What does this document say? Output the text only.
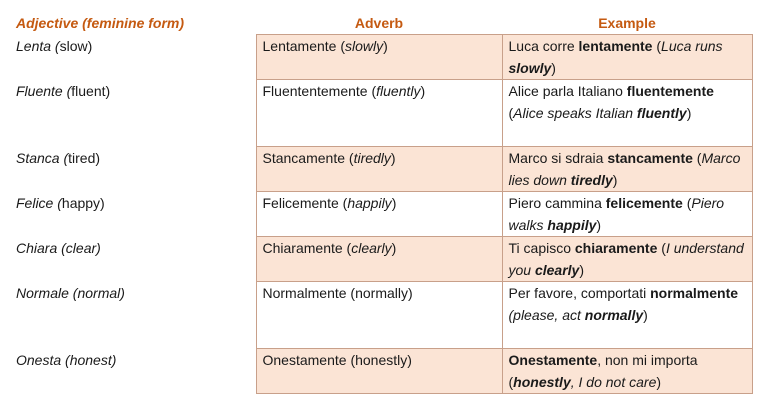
Adjective (feminine form)	Adverb	Example
Lenta (slow)	Lentamente (slowly)	Luca corre lentamente (Luca runs slowly)
Fluente (fluent)	Fluententemente (fluently)	Alice parla Italiano fluentemente (Alice speaks Italian fluently)
Stanca (tired)	Stancamente (tiredly)	Marco si sdraia stancamente (Marco lies down tiredly)
Felice (happy)	Felicemente (happily)	Piero cammina felicemente (Piero walks happily)
Chiara (clear)	Chiaramente (clearly)	Ti capisco chiaramente (I understand you clearly)
Normale (normal)	Normalmente (normally)	Per favore, comportati normalmente (please, act normally)
Onesta (honest)	Onestamente (honestly)	Onestamente, non mi importa (honestly, I do not care)
